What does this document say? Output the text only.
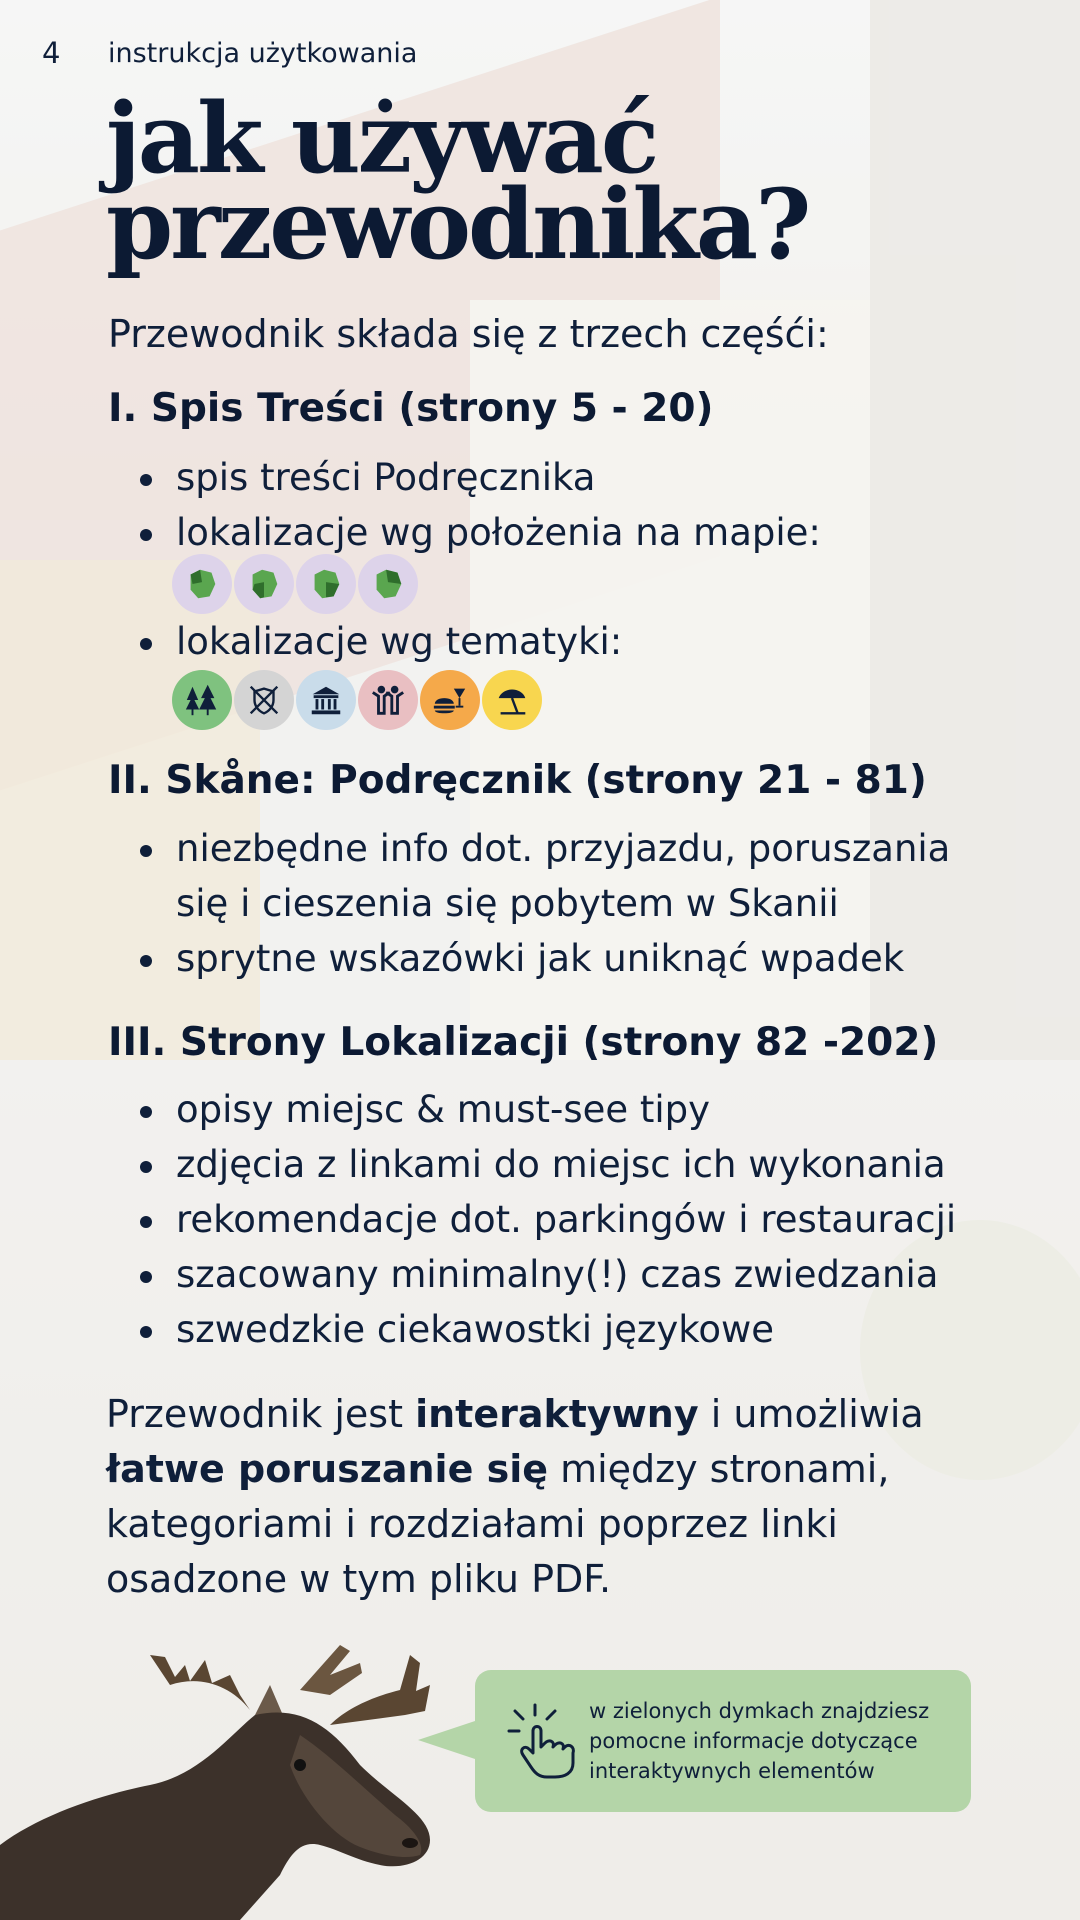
4 instrukcja użytkowania
jak używać
przewodnika?
Przewodnik składa się z trzech częśći:
I. Spis Treści (strony 5 - 20)
spis treści Podręcznika
lokalizacje wg położenia na mapie:
lokalizacje wg tematyki:
II. Skåne: Podręcznik (strony 21 - 81)
niezbędne info dot. przyjazdu, poruszania
się i cieszenia się pobytem w Skanii
sprytne wskazówki jak uniknąć wpadek
III. Strony Lokalizacji (strony 82 -202)
opisy miejsc & must-see tipy
zdjęcia z linkami do miejsc ich wykonania
rekomendacje dot. parkingów i restauracji
szacowany minimalny(!) czas zwiedzania
szwedzkie ciekawostki językowe
Przewodnik jest interaktywny i umożliwia
łatwe poruszanie się między stronami,
kategoriami i rozdziałami poprzez linki
osadzone w tym pliku PDF.
w zielonych dymkach znajdziesz
pomocne informacje dotyczące
interaktywnych elementów
